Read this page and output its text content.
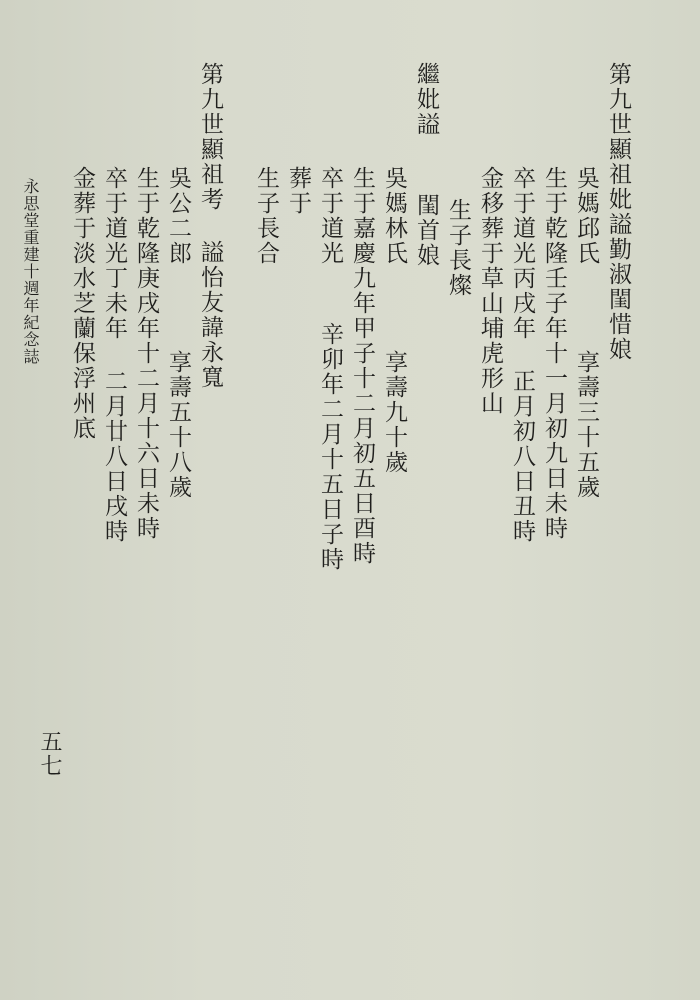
第九世顯祖妣謚勤淑閨惜娘
吳媽邱氏   享壽三十五歲
生于乾隆壬子年十一月初九日未時
卒于道光丙戌年 正月初八日丑時
金移葬于草山埔虎形山
生子長燦
繼妣謚  閨首娘
吳媽林氏   享壽九十歲
生于嘉慶九年甲子十二月初五日酉時
卒于道光  辛卯年二月十五日子時
葬于
生子長合
第九世顯祖考 謚怡友諱永寬
吳公二郎   享壽五十八歲
生于乾隆庚戌年十二月十六日未時
卒于道光丁未年 二月廿八日戌時
金葬于淡水芝蘭保浮州底
永思堂重建十週年紀念誌
五七
